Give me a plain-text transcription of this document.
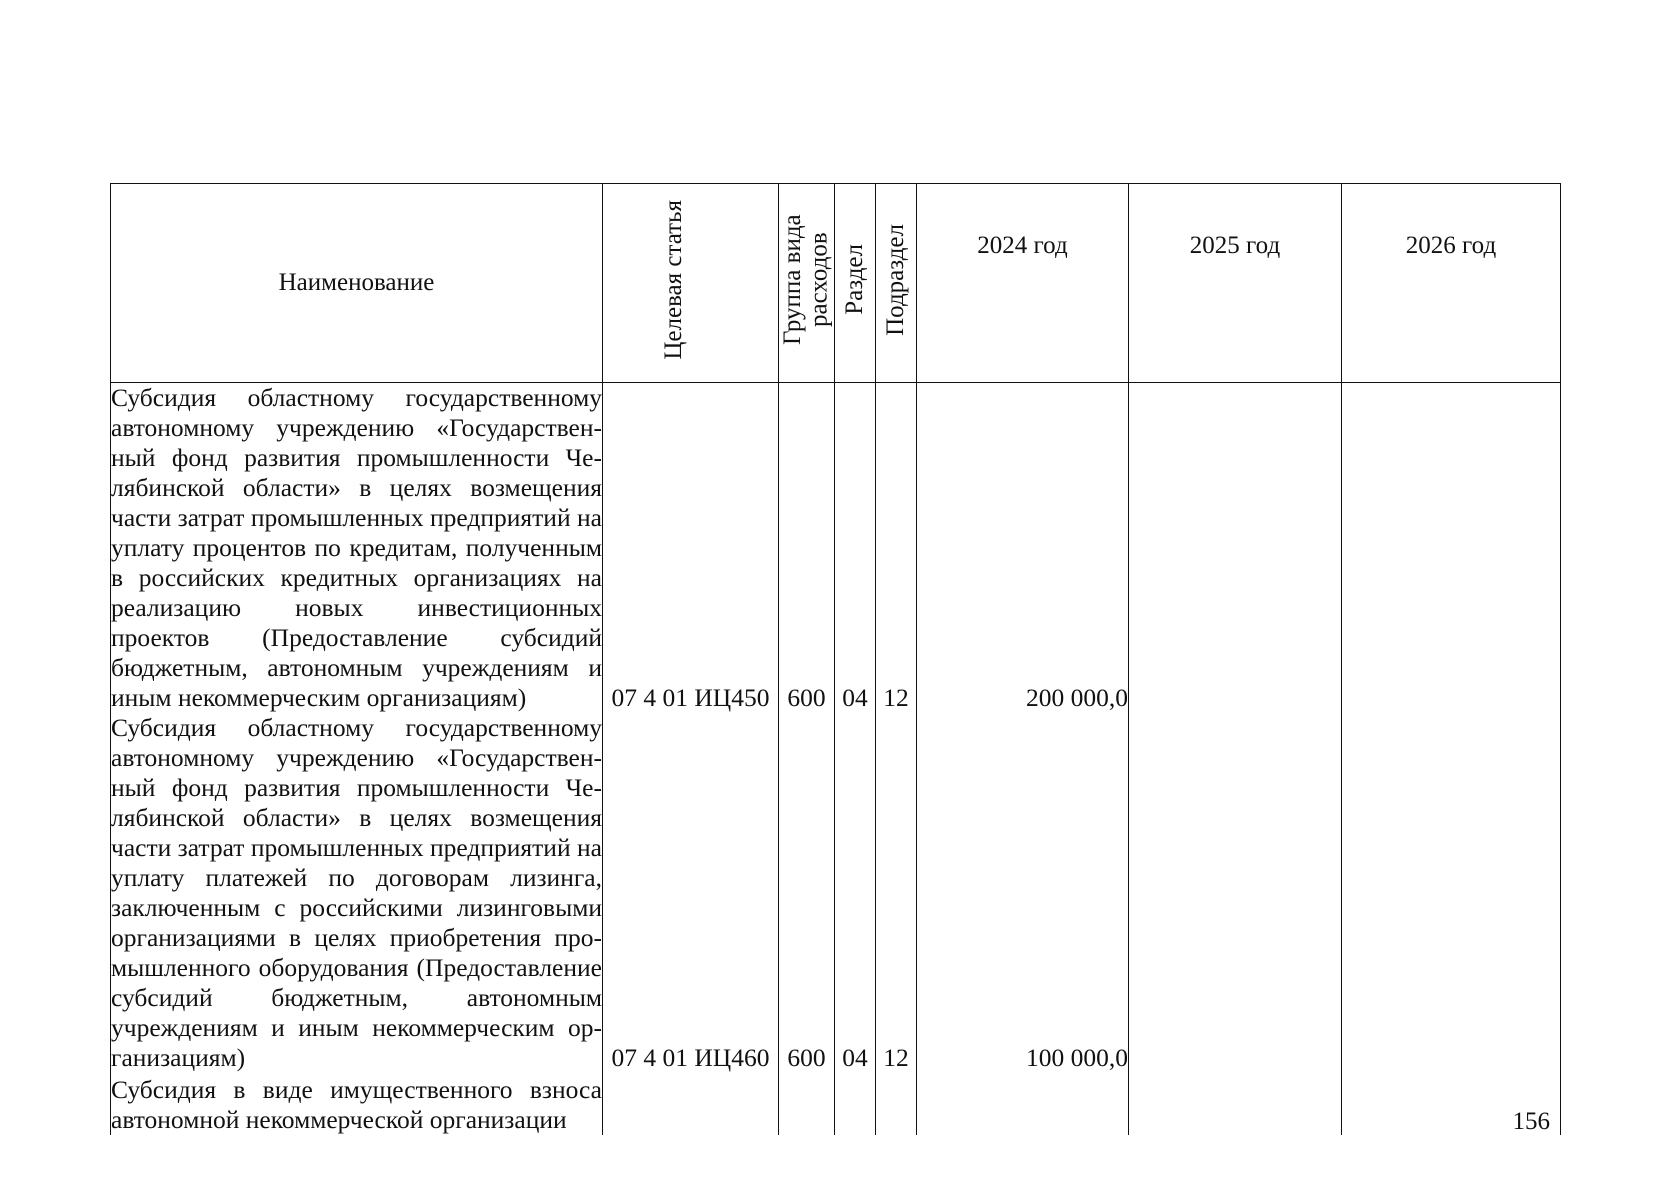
Наименование	Целевая статья	Группа вида расходов	Раздел	Подраздел	2024 год	2025 год	2026 год
Субсидия областному государственному автономному учреждению «Государственный фонд развития промышленности Челябинской области» в целях возмещения части затрат промышленных предприятий на уплату процентов по кредитам, полученным в российских кредитных организациях на реализацию новых инвестиционных проектов (Предоставление субсидий бюджетным, автономным учреждениям и иным некоммерческим организациям)	07 4 01 ИЦ450	600	04	12	200 000,0		
Субсидия областному государственному автономному учреждению «Государственный фонд развития промышленности Челябинской области» в целях возмещения части затрат промышленных предприятий на уплату платежей по договорам лизинга, заключенным с российскими лизинговыми организациями в целях приобретения промышленного оборудования (Предоставление субсидий бюджетным, автономным учреждениям и иным некоммерческим организациям)	07 4 01 ИЦ460	600	04	12	100 000,0		
Субсидия в виде имущественного взноса автономной некоммерческой организации								156
